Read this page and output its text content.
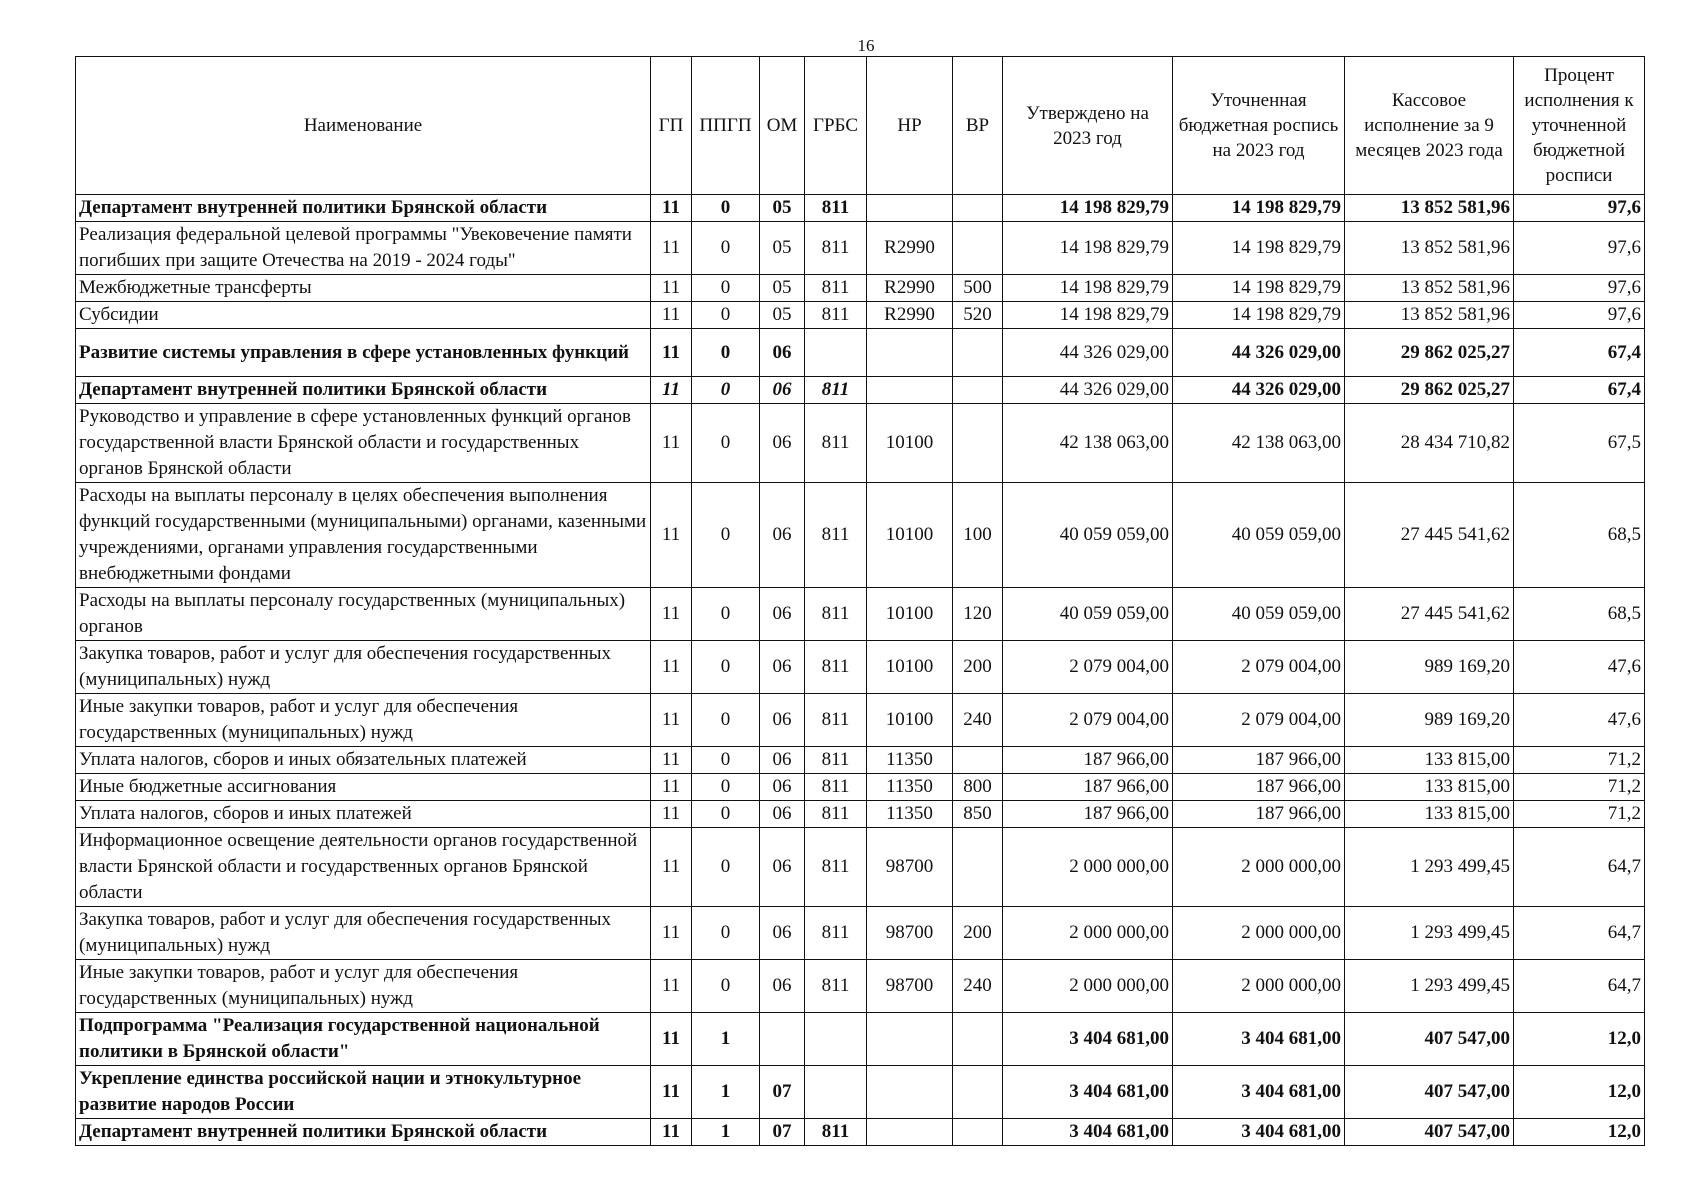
16
Наименование	ГП	ППГП	ОМ	ГРБС	НР	ВР	Утверждено на 2023 год	Уточненная бюджетная роспись на 2023 год	Кассовое исполнение за 9 месяцев 2023 года	Процент исполнения к уточненной бюджетной росписи
Департамент внутренней политики Брянской области	11	0	05	811			14 198 829,79	14 198 829,79	13 852 581,96	97,6
Реализация федеральной целевой программы "Увековечение памяти погибших при защите Отечества на 2019 - 2024 годы"	11	0	05	811	R2990		14 198 829,79	14 198 829,79	13 852 581,96	97,6
Межбюджетные трансферты	11	0	05	811	R2990	500	14 198 829,79	14 198 829,79	13 852 581,96	97,6
Субсидии	11	0	05	811	R2990	520	14 198 829,79	14 198 829,79	13 852 581,96	97,6
Развитие системы управления в сфере установленных функций	11	0	06				44 326 029,00	44 326 029,00	29 862 025,27	67,4
Департамент внутренней политики Брянской области	11	0	06	811			44 326 029,00	44 326 029,00	29 862 025,27	67,4
Руководство и управление в сфере установленных функций органов государственной власти Брянской области и государственных органов Брянской области	11	0	06	811	10100		42 138 063,00	42 138 063,00	28 434 710,82	67,5
Расходы на выплаты персоналу в целях обеспечения выполнения функций государственными (муниципальными) органами, казенными учреждениями, органами управления государственными внебюджетными фондами	11	0	06	811	10100	100	40 059 059,00	40 059 059,00	27 445 541,62	68,5
Расходы на выплаты персоналу государственных (муниципальных) органов	11	0	06	811	10100	120	40 059 059,00	40 059 059,00	27 445 541,62	68,5
Закупка товаров, работ и услуг для обеспечения государственных (муниципальных) нужд	11	0	06	811	10100	200	2 079 004,00	2 079 004,00	989 169,20	47,6
Иные закупки товаров, работ и услуг для обеспечения государственных (муниципальных) нужд	11	0	06	811	10100	240	2 079 004,00	2 079 004,00	989 169,20	47,6
Уплата налогов, сборов и иных обязательных платежей	11	0	06	811	11350		187 966,00	187 966,00	133 815,00	71,2
Иные бюджетные ассигнования	11	0	06	811	11350	800	187 966,00	187 966,00	133 815,00	71,2
Уплата налогов, сборов и иных платежей	11	0	06	811	11350	850	187 966,00	187 966,00	133 815,00	71,2
Информационное освещение деятельности органов государственной власти Брянской области и государственных органов Брянской области	11	0	06	811	98700		2 000 000,00	2 000 000,00	1 293 499,45	64,7
Закупка товаров, работ и услуг для обеспечения государственных (муниципальных) нужд	11	0	06	811	98700	200	2 000 000,00	2 000 000,00	1 293 499,45	64,7
Иные закупки товаров, работ и услуг для обеспечения государственных (муниципальных) нужд	11	0	06	811	98700	240	2 000 000,00	2 000 000,00	1 293 499,45	64,7
Подпрограмма "Реализация государственной национальной политики в Брянской области"	11	1					3 404 681,00	3 404 681,00	407 547,00	12,0
Укрепление единства российской нации и этнокультурное развитие народов России	11	1	07				3 404 681,00	3 404 681,00	407 547,00	12,0
Департамент внутренней политики Брянской области	11	1	07	811			3 404 681,00	3 404 681,00	407 547,00	12,0
